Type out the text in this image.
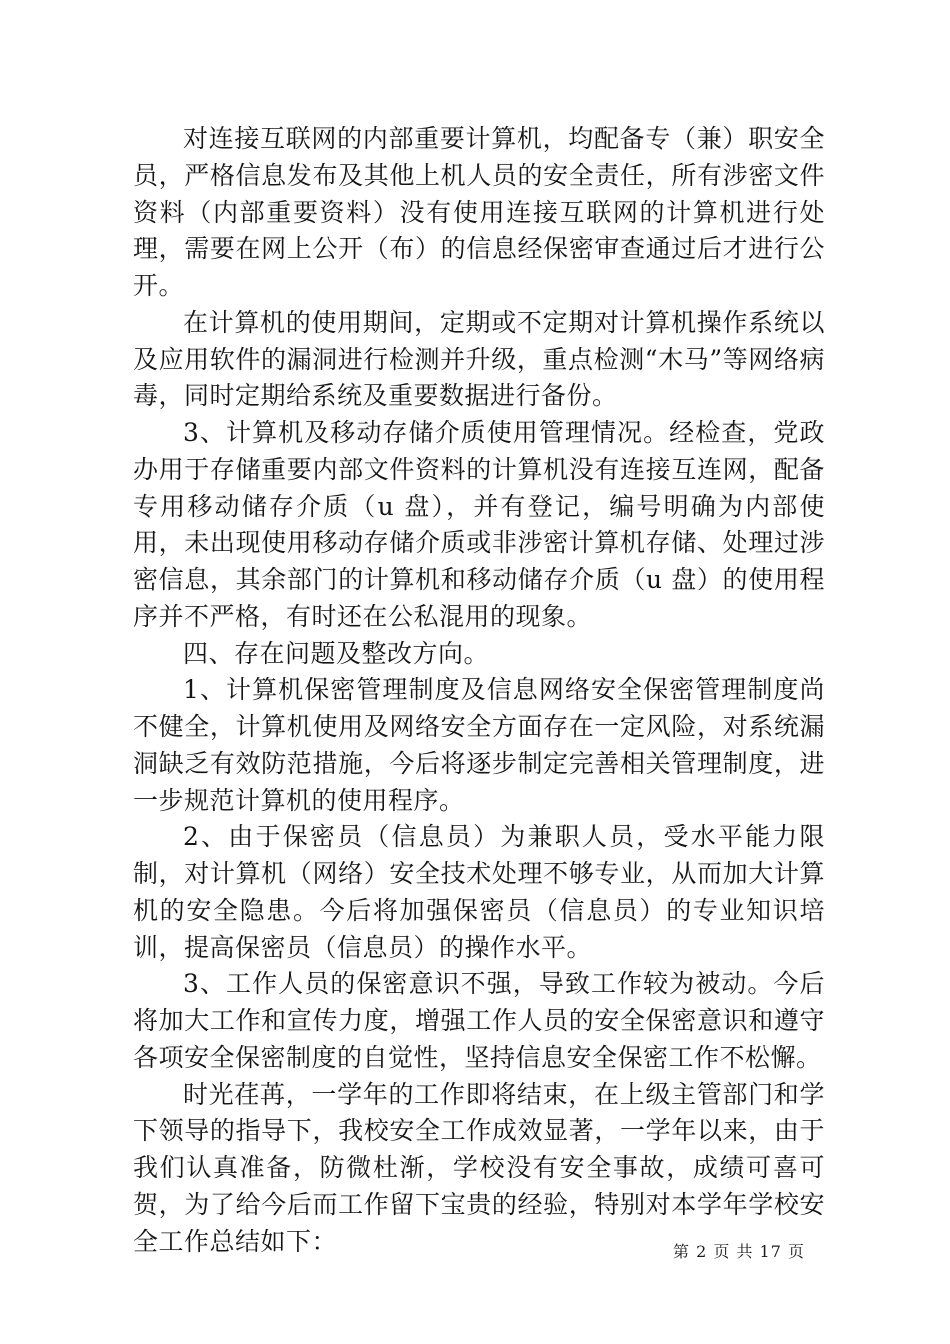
对连接互联网的内部重要计算机，均配备专（兼）职安全员，严格信息发布及其他上机人员的安全责任，所有涉密文件资料（内部重要资料）没有使用连接互联网的计算机进行处理，需要在网上公开（布）的信息经保密审查通过后才进行公开。

在计算机的使用期间，定期或不定期对计算机操作系统以及应用软件的漏洞进行检测并升级，重点检测“木马”等网络病毒，同时定期给系统及重要数据进行备份。

3、计算机及移动存储介质使用管理情况。经检查，党政办用于存储重要内部文件资料的计算机没有连接互连网，配备专用移动储存介质（u 盘），并有登记，编号明确为内部使用，未出现使用移动存储介质或非涉密计算机存储、处理过涉密信息，其余部门的计算机和移动储存介质（u 盘）的使用程序并不严格，有时还在公私混用的现象。

四、存在问题及整改方向。

1、计算机保密管理制度及信息网络安全保密管理制度尚不健全，计算机使用及网络安全方面存在一定风险，对系统漏洞缺乏有效防范措施，今后将逐步制定完善相关管理制度，进一步规范计算机的使用程序。

2、由于保密员（信息员）为兼职人员，受水平能力限制，对计算机（网络）安全技术处理不够专业，从而加大计算机的安全隐患。今后将加强保密员（信息员）的专业知识培训，提高保密员（信息员）的操作水平。

3、工作人员的保密意识不强，导致工作较为被动。今后将加大工作和宣传力度，增强工作人员的安全保密意识和遵守各项安全保密制度的自觉性，坚持信息安全保密工作不松懈。

时光荏苒，一学年的工作即将结束，在上级主管部门和学下领导的指导下，我校安全工作成效显著，一学年以来，由于我们认真准备，防微杜渐，学校没有安全事故，成绩可喜可贺，为了给今后而工作留下宝贵的经验，特别对本学年学校安全工作总结如下：	第 2 页 共 17 页
